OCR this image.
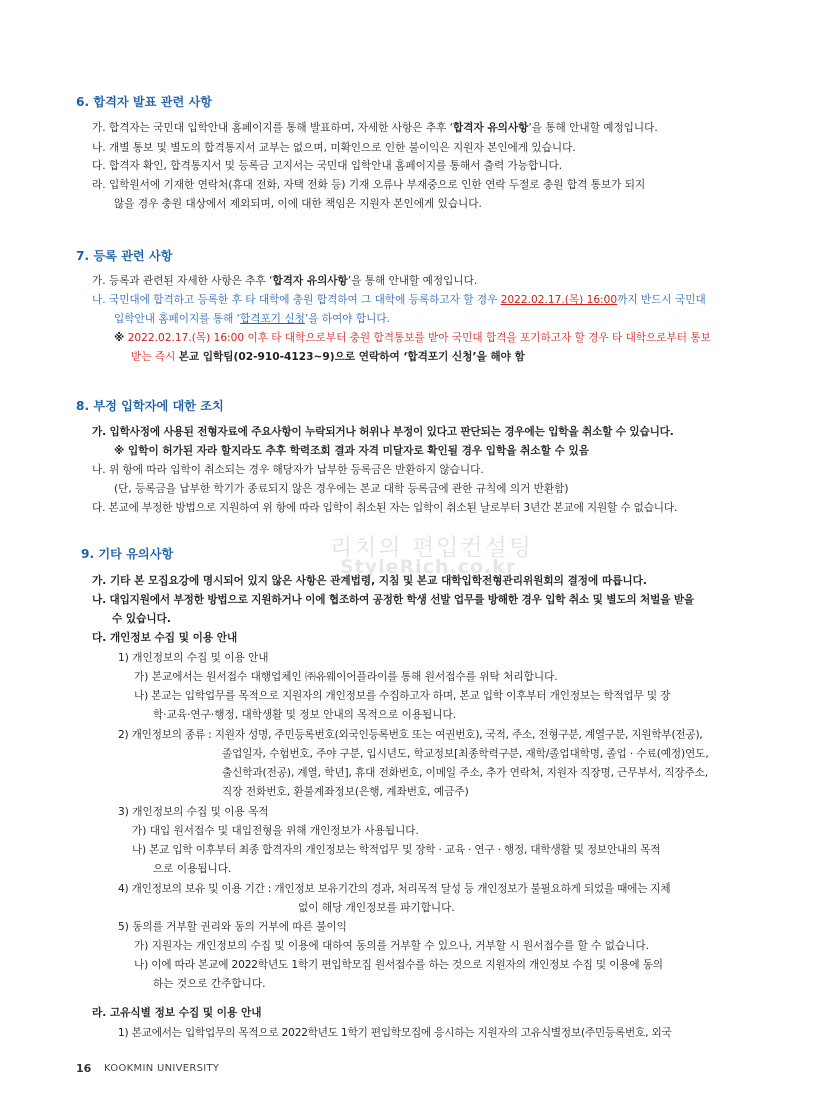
리치의 편입컨설팅
StyleRich.co.kr
6. 합격자 발표 관련 사항
가. 합격자는 국민대 입학안내 홈페이지를 통해 발표하며, 자세한 사항은 추후 ‘합격자 유의사항’을 통해 안내할 예정입니다.
나. 개별 통보 및 별도의 합격통지서 교부는 없으며, 미확인으로 인한 불이익은 지원자 본인에게 있습니다.
다. 합격자 확인, 합격통지서 및 등록금 고지서는 국민대 입학안내 홈페이지를 통해서 출력 가능합니다.
라. 입학원서에 기재한 연락처(휴대 전화, 자택 전화 등) 기재 오류나 부재중으로 인한 연락 두절로 충원 합격 통보가 되지
않을 경우 충원 대상에서 제외되며, 이에 대한 책임은 지원자 본인에게 있습니다.
7. 등록 관련 사항
가. 등록과 관련된 자세한 사항은 추후 ‘합격자 유의사항’을 통해 안내할 예정입니다.
나. 국민대에 합격하고 등록한 후 타 대학에 충원 합격하여 그 대학에 등록하고자 할 경우 2022.02.17.(목) 16:00까지 반드시 국민대
입학안내 홈페이지를 통해 ‘합격포기 신청’을 하여야 합니다.
※ 2022.02.17.(목) 16:00 이후 타 대학으로부터 충원 합격통보를 받아 국민대 합격을 포기하고자 할 경우 타 대학으로부터 통보
받는 즉시 본교 입학팀(02-910-4123~9)으로 연락하여 ‘합격포기 신청’을 해야 함
8. 부정 입학자에 대한 조치
가. 입학사정에 사용된 전형자료에 주요사항이 누락되거나 허위나 부정이 있다고 판단되는 경우에는 입학을 취소할 수 있습니다.
※ 입학이 허가된 자라 할지라도 추후 학력조회 결과 자격 미달자로 확인될 경우 입학을 취소할 수 있음
나. 위 항에 따라 입학이 취소되는 경우 해당자가 납부한 등록금은 반환하지 않습니다.
(단, 등록금을 납부한 학기가 종료되지 않은 경우에는 본교 대학 등록금에 관한 규칙에 의거 반환함)
다. 본교에 부정한 방법으로 지원하여 위 항에 따라 입학이 취소된 자는 입학이 취소된 날로부터 3년간 본교에 지원할 수 없습니다.
9. 기타 유의사항
가. 기타 본 모집요강에 명시되어 있지 않은 사항은 관계법령, 지침 및 본교 대학입학전형관리위원회의 결정에 따릅니다.
나. 대입지원에서 부정한 방법으로 지원하거나 이에 협조하여 공정한 학생 선발 업무를 방해한 경우 입학 취소 및 별도의 처벌을 받을
수 있습니다.
다. 개인정보 수집 및 이용 안내
1) 개인정보의 수집 및 이용 안내
가) 본교에서는 원서접수 대행업체인 ㈜유웨이어플라이를 통해 원서접수를 위탁 처리합니다.
나) 본교는 입학업무를 목적으로 지원자의 개인정보를 수집하고자 하며, 본교 입학 이후부터 개인정보는 학적업무 및 장
학·교육·연구·행정, 대학생활 및 정보 안내의 목적으로 이용됩니다.
2) 개인정보의 종류 : 지원자 성명, 주민등록번호(외국인등록번호 또는 여권번호), 국적, 주소, 전형구분, 계열구분, 지원학부(전공),
졸업일자, 수험번호, 주야 구분, 입시년도, 학교정보[최종학력구분, 재학/졸업대학명, 졸업 · 수료(예정)연도,
출신학과(전공), 계열, 학년], 휴대 전화번호, 이메일 주소, 추가 연락처, 지원자 직장명, 근무부서, 직장주소,
직장 전화번호, 환불계좌정보(은행, 계좌번호, 예금주)
3) 개인정보의 수집 및 이용 목적
가) 대입 원서접수 및 대입전형을 위해 개인정보가 사용됩니다.
나) 본교 입학 이후부터 최종 합격자의 개인정보는 학적업무 및 장학 · 교육 · 연구 · 행정, 대학생활 및 정보안내의 목적
으로 이용됩니다.
4) 개인정보의 보유 및 이용 기간 : 개인정보 보유기간의 경과, 처리목적 달성 등 개인정보가 불필요하게 되었을 때에는 지체
없이 해당 개인정보를 파기합니다.
5) 동의를 거부할 권리와 동의 거부에 따른 불이익
가) 지원자는 개인정보의 수집 및 이용에 대하여 동의를 거부할 수 있으나, 거부할 시 원서접수를 할 수 없습니다.
나) 이에 따라 본교에 2022학년도 1학기 편입학모집 원서접수를 하는 것으로 지원자의 개인정보 수집 및 이용에 동의
하는 것으로 간주합니다.
라. 고유식별 정보 수집 및 이용 안내
1) 본교에서는 입학업무의 목적으로 2022학년도 1학기 편입학모집에 응시하는 지원자의 고유식별정보(주민등록번호, 외국
16 KOOKMIN UNIVERSITY
